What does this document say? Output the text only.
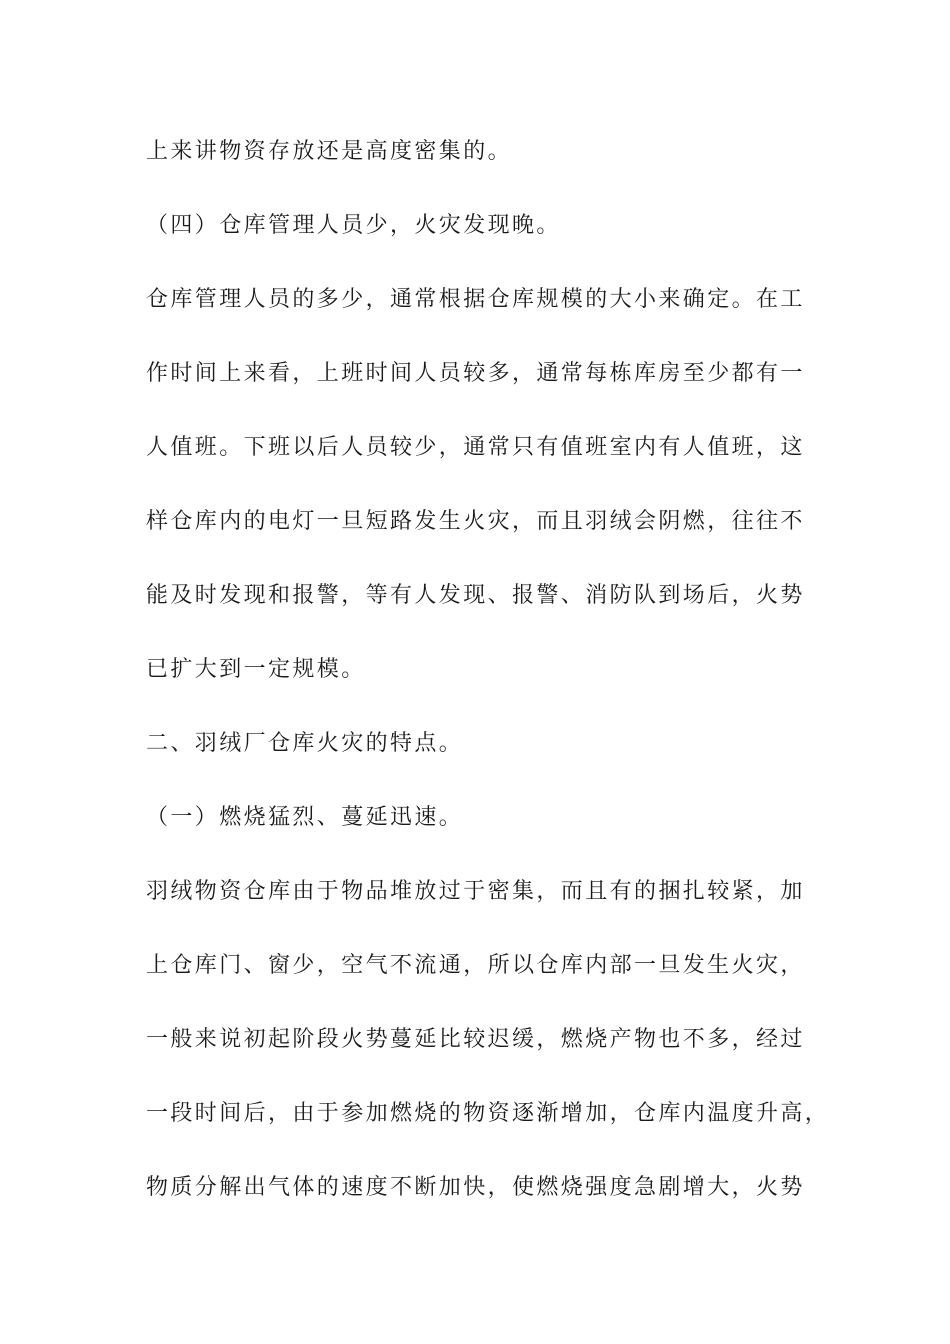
上来讲物资存放还是高度密集的。
（四）仓库管理人员少，火灾发现晚。
仓库管理人员的多少，通常根据仓库规模的大小来确定。在工
作时间上来看，上班时间人员较多，通常每栋库房至少都有一
人值班。下班以后人员较少，通常只有值班室内有人值班，这
样仓库内的电灯一旦短路发生火灾，而且羽绒会阴燃，往往不
能及时发现和报警，等有人发现、报警、消防队到场后，火势
已扩大到一定规模。
二、羽绒厂仓库火灾的特点。
（一）燃烧猛烈、蔓延迅速。
羽绒物资仓库由于物品堆放过于密集，而且有的捆扎较紧，加
上仓库门、窗少，空气不流通，所以仓库内部一旦发生火灾，
一般来说初起阶段火势蔓延比较迟缓，燃烧产物也不多，经过
一段时间后，由于参加燃烧的物资逐渐增加，仓库内温度升高，
物质分解出气体的速度不断加快，使燃烧强度急剧增大，火势
